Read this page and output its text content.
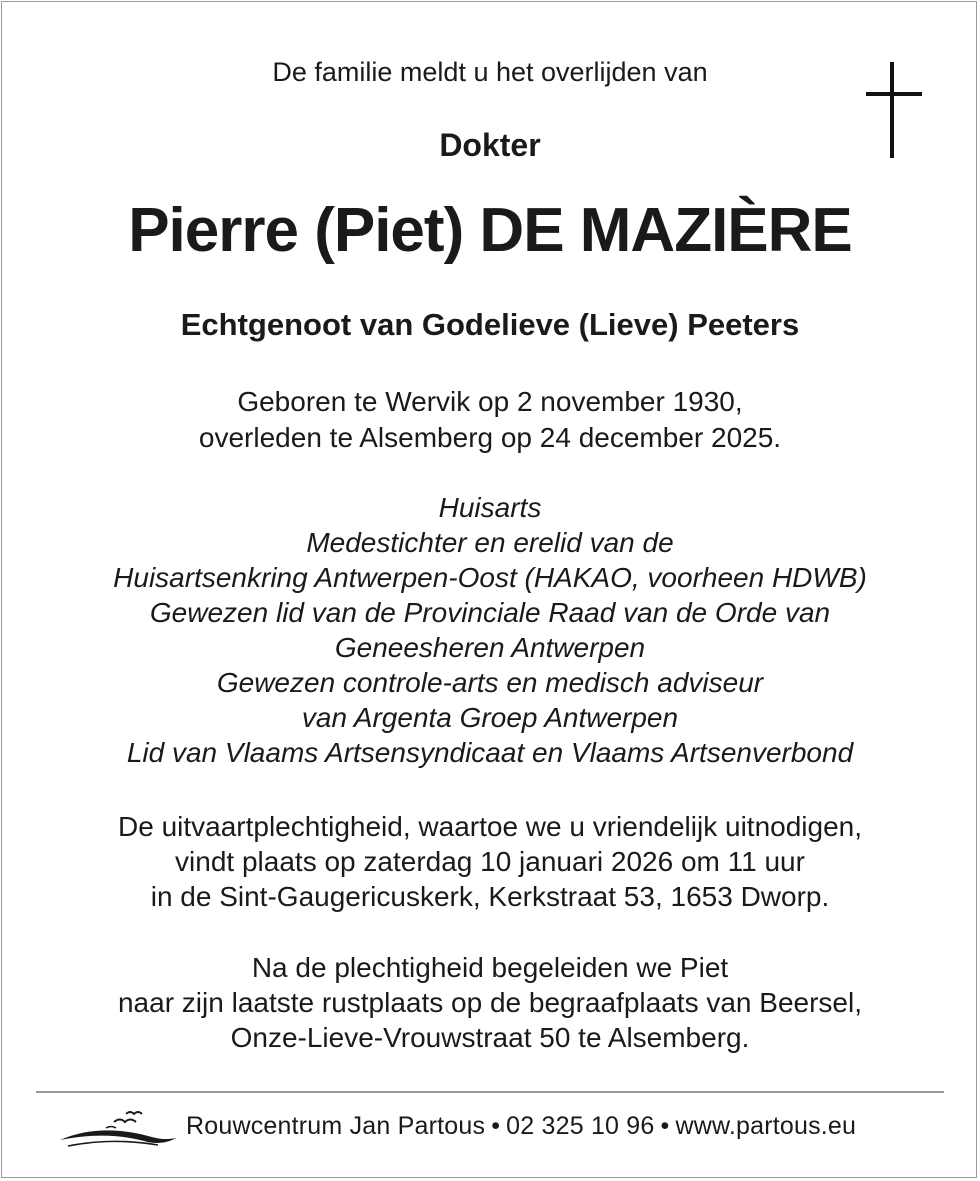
De familie meldt u het overlijden van
Dokter
Pierre (Piet) DE MAZIÈRE
Echtgenoot van Godelieve (Lieve) Peeters
Geboren te Wervik op 2 november 1930,
overleden te Alsemberg op 24 december 2025.
Huisarts
Medestichter en erelid van de
Huisartsenkring Antwerpen-Oost (HAKAO, voorheen HDWB)
Gewezen lid van de Provinciale Raad van de Orde van
Geneesheren Antwerpen
Gewezen controle-arts en medisch adviseur
van Argenta Groep Antwerpen
Lid van Vlaams Artsensyndicaat en Vlaams Artsenverbond
De uitvaartplechtigheid, waartoe we u vriendelijk uitnodigen,
vindt plaats op zaterdag 10 januari 2026 om 11 uur
in de Sint-Gaugericuskerk, Kerkstraat 53, 1653 Dworp.
Na de plechtigheid begeleiden we Piet
naar zijn laatste rustplaats op de begraafplaats van Beersel,
Onze-Lieve-Vrouwstraat 50 te Alsemberg.
Rouwcentrum Jan Partous • 02 325 10 96 • www.partous.eu
